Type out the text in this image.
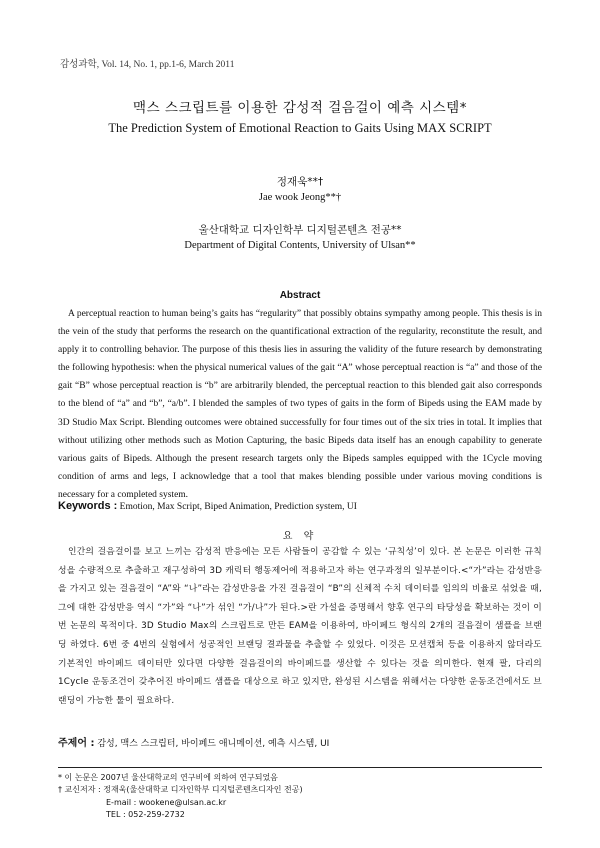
감성과학, Vol. 14, No. 1, pp.1-6, March 2011
맥스 스크립트를 이용한 감성적 걸음걸이 예측 시스템*
The Prediction System of Emotional Reaction to Gaits Using MAX SCRIPT
정재욱**†
Jae wook Jeong**†
울산대학교 디자인학부 디지털콘텐츠 전공**
Department of Digital Contents, University of Ulsan**
Abstract
A perceptual reaction to human being’s gaits has “regularity” that possibly obtains sympathy among people. This thesis is in the vein of the study that performs the research on the quantificational extraction of the regularity, reconstitute the result, and apply it to controlling behavior. The purpose of this thesis lies in assuring the validity of the future research by demonstrating the following hypothesis: when the physical numerical values of the gait “A” whose perceptual reaction is “a” and those of the gait “B” whose perceptual reaction is “b” are arbitrarily blended, the perceptual reaction to this blended gait also corresponds to the blend of “a” and “b”, “a/b”. I blended the samples of two types of gaits in the form of Bipeds using the EAM made by 3D Studio Max Script. Blending outcomes were obtained successfully for four times out of the six tries in total. It implies that without utilizing other methods such as Motion Capturing, the basic Bipeds data itself has an enough capability to generate various gaits of Bipeds. Although the present research targets only the Bipeds samples equipped with the 1Cycle moving condition of arms and legs, I acknowledge that a tool that makes blending possible under various moving conditions is necessary for a completed system.
Keywords : Emotion, Max Script, Biped Animation, Prediction system, UI
요 약
인간의 걸음걸이를 보고 느끼는 감성적 반응에는 모든 사람들이 공감할 수 있는 ‘규칙성’이 있다. 본 논문은 이러한 규칙성을 수량적으로 추출하고 재구성하여 3D 캐릭터 행동제어에 적용하고자 하는 연구과정의 일부분이다.<“가”라는 감성반응을 가지고 있는 걸음걸이 “A”와 “나”라는 감성반응을 가진 걸음걸이 “B”의 신체적 수치 데이터를 임의의 비율로 섞었을 때, 그에 대한 감성반응 역시 “가”와 “나”가 섞인 “가/나”가 된다.>란 가설을 증명해서 향후 연구의 타당성을 확보하는 것이 이번 논문의 목적이다. 3D Studio Max의 스크립트로 만든 EAM을 이용하여, 바이페드 형식의 2개의 걸음걸이 샘플을 브랜딩 하였다. 6번 중 4번의 실험에서 성공적인 브랜딩 결과물을 추출할 수 있었다. 이것은 모션캡쳐 등을 이용하지 않더라도 기본적인 바이페드 데이터만 있다면 다양한 걸음걸이의 바이페드를 생산할 수 있다는 것을 의미한다. 현재 팔, 다리의 1Cycle 운동조건이 갖추어진 바이페드 샘플을 대상으로 하고 있지만, 완성된 시스템을 위해서는 다양한 운동조건에서도 브랜딩이 가능한 툴이 필요하다.
주제어 : 감성, 맥스 스크립터, 바이페드 애니메이션, 예측 시스템, UI
* 이 논문은 2007년 울산대학교의 연구비에 의하여 연구되었음
† 교신저자 : 정재욱(울산대학교 디자인학부 디지털콘텐츠디자인 전공)
E-mail : wookene@ulsan.ac.kr
TEL : 052-259-2732
